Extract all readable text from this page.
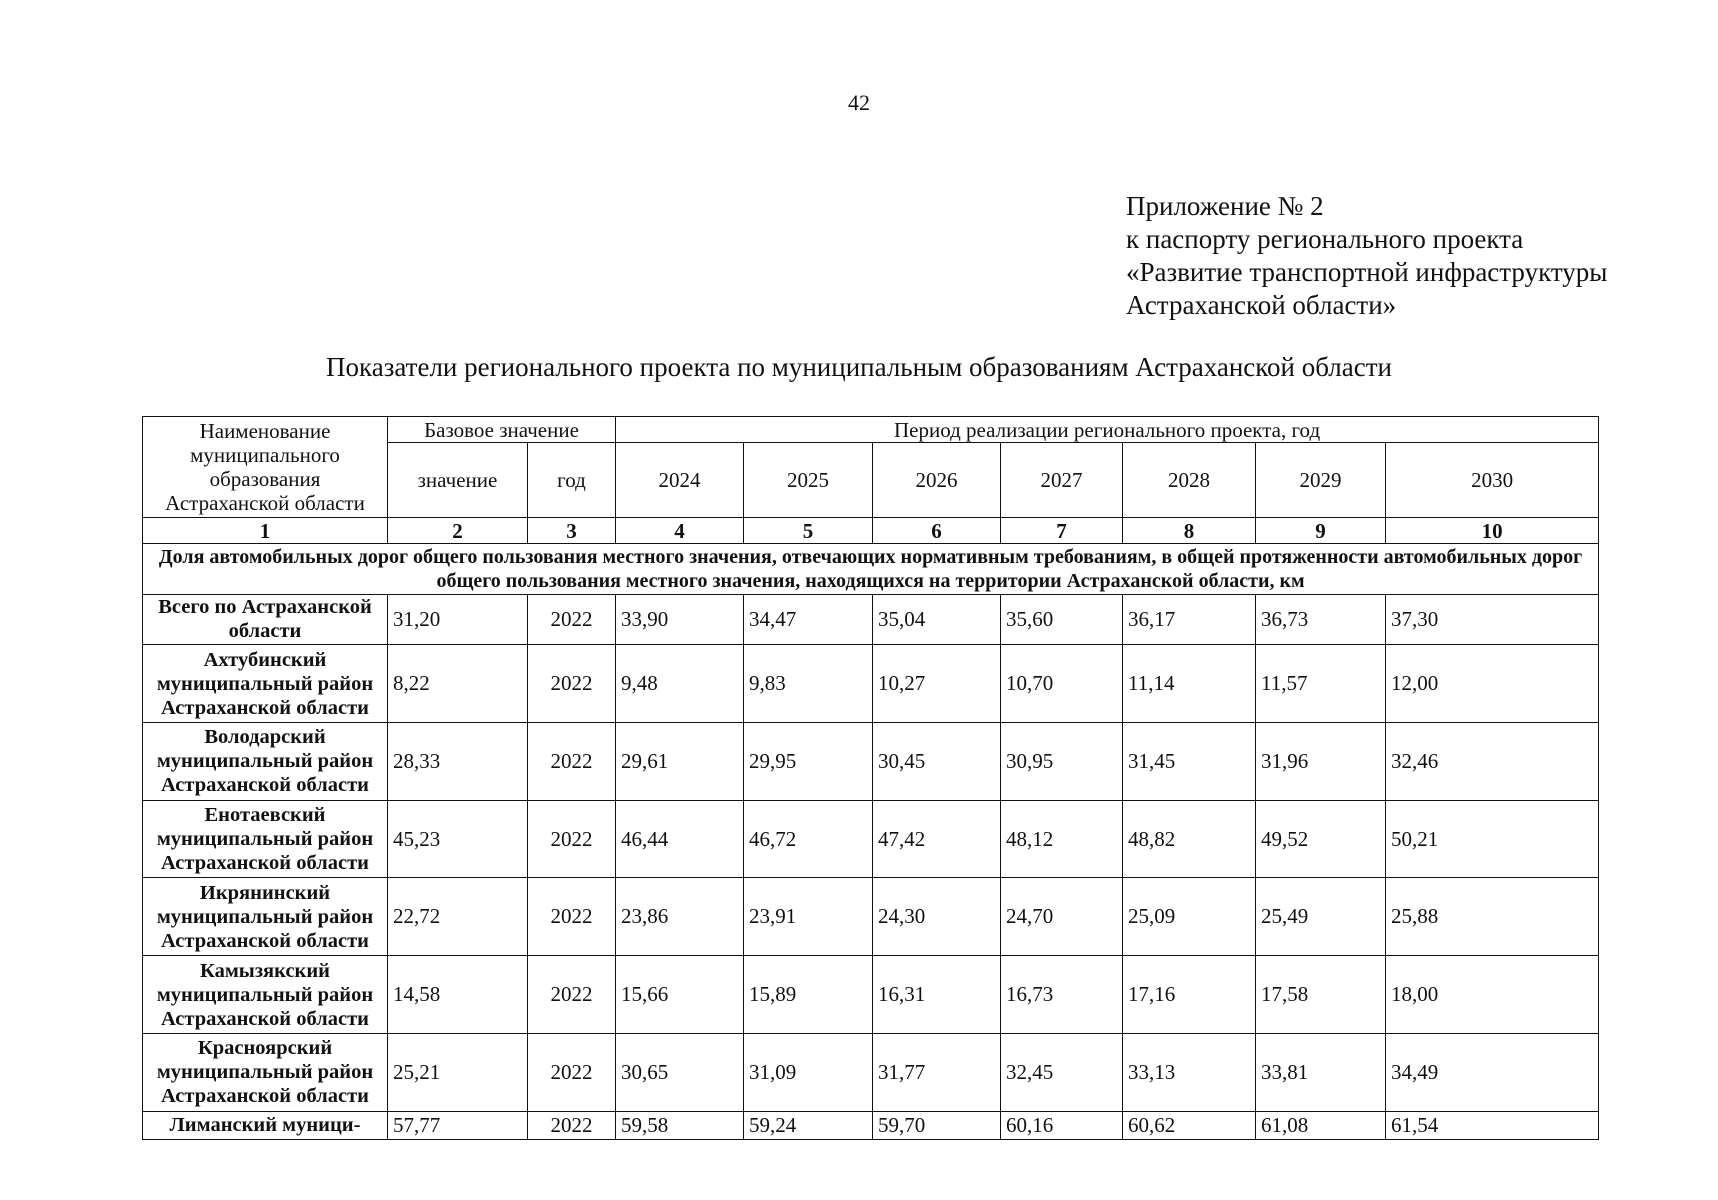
42
Приложение № 2
к паспорту регионального проекта
«Развитие транспортной инфраструктуры
Астраханской области»
Показатели регионального проекта по муниципальным образованиям Астраханской области
Наименование муниципального образования Астраханской области	Базовое значение		Период реализации регионального проекта, год						
	значение	год	2024	2025	2026	2027	2028	2029	2030
1	2	3	4	5	6	7	8	9	10
Доля автомобильных дорог общего пользования местного значения, отвечающих нормативным требованиям, в общей протяженности автомобильных дорог общего пользования местного значения, находящихся на территории Астраханской области, км									
Всего по Астраханской области	31,20	2022	33,90	34,47	35,04	35,60	36,17	36,73	37,30
Ахтубинский муниципальный район Астраханской области	8,22	2022	9,48	9,83	10,27	10,70	11,14	11,57	12,00
Володарский муниципальный район Астраханской области	28,33	2022	29,61	29,95	30,45	30,95	31,45	31,96	32,46
Енотаевский муниципальный район Астраханской области	45,23	2022	46,44	46,72	47,42	48,12	48,82	49,52	50,21
Икрянинский муниципальный район Астраханской области	22,72	2022	23,86	23,91	24,30	24,70	25,09	25,49	25,88
Камызякский муниципальный район Астраханской области	14,58	2022	15,66	15,89	16,31	16,73	17,16	17,58	18,00
Красноярский муниципальный район Астраханской области	25,21	2022	30,65	31,09	31,77	32,45	33,13	33,81	34,49
Лиманский муници-	57,77	2022	59,58	59,24	59,70	60,16	60,62	61,08	61,54
